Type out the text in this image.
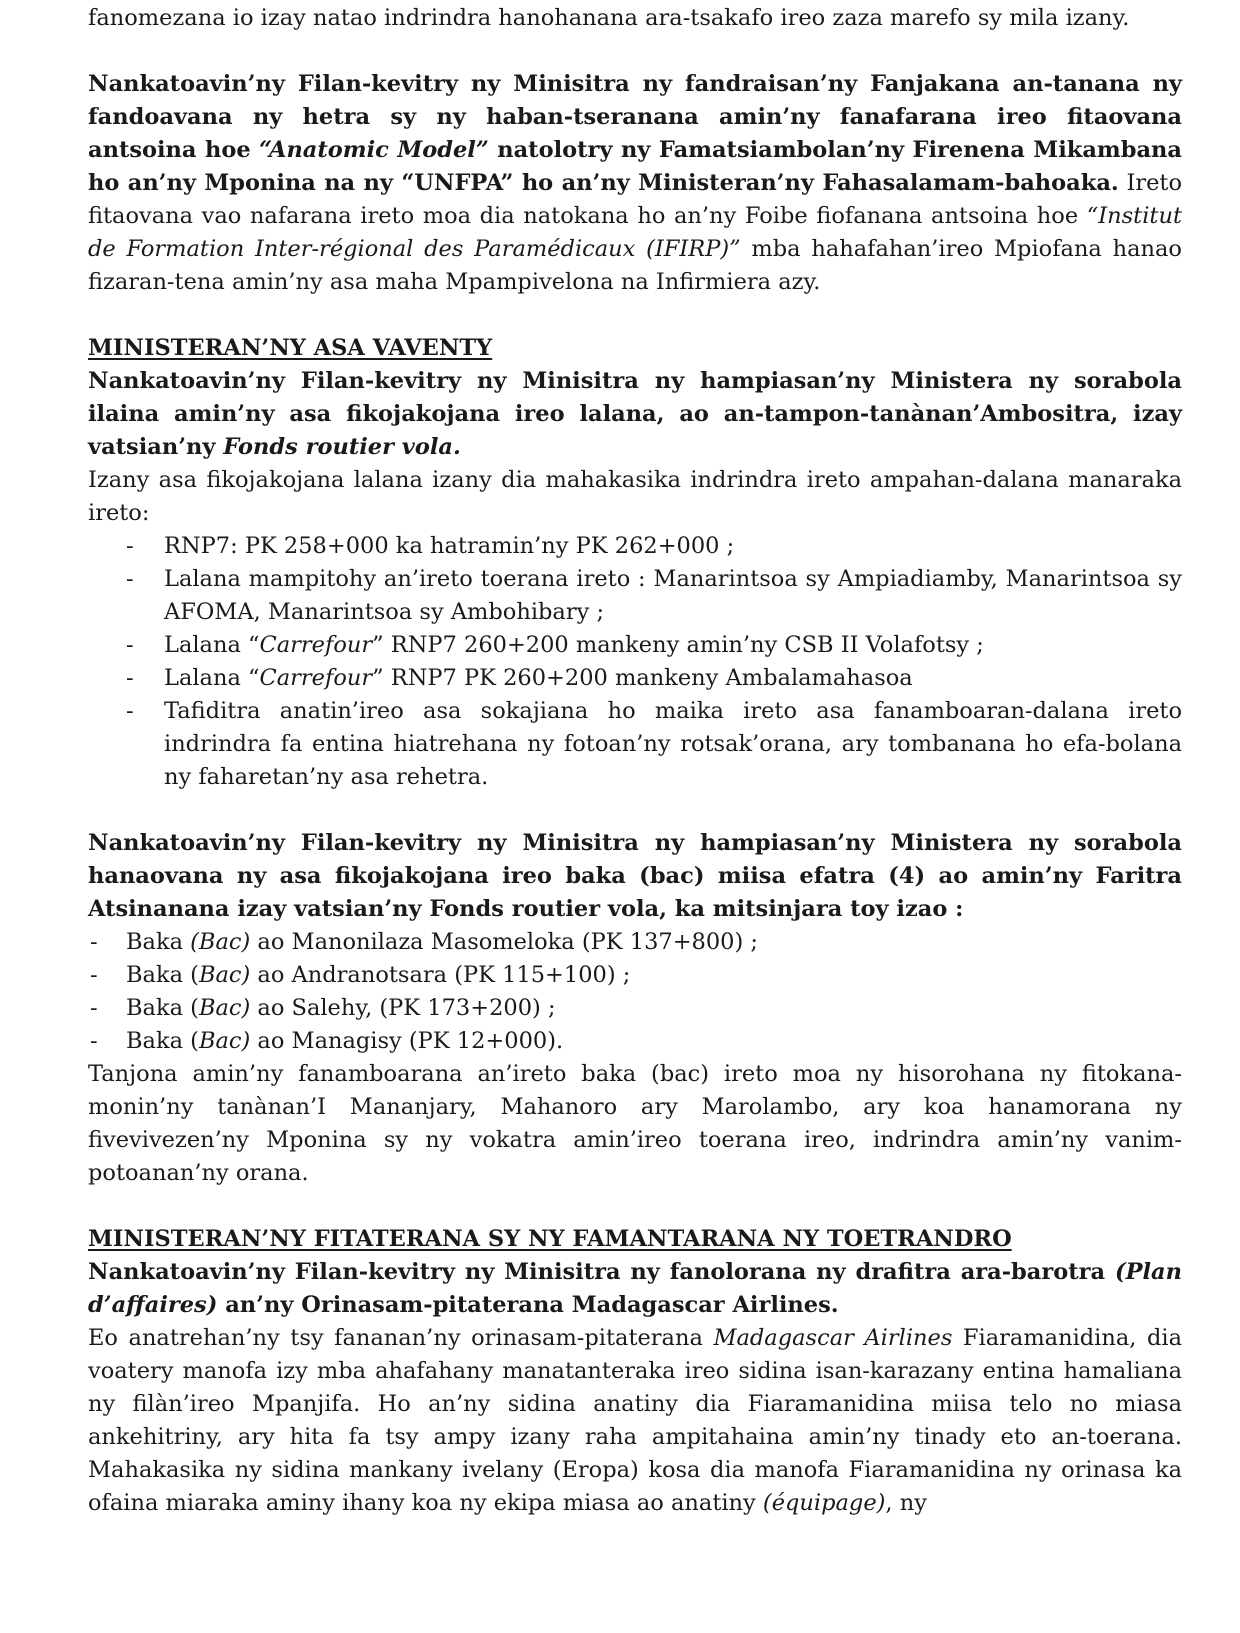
fanomezana io izay natao indrindra hanohanana ara-tsakafo ireo zaza marefo sy mila izany.

Nankatoavin’ny Filan-kevitry ny Minisitra ny fandraisan’ny Fanjakana an-tanana ny fandoavana ny hetra sy ny haban-tseranana amin’ny fanafarana ireo fitaovana antsoina hoe “Anatomic Model” natolotry ny Famatsiambolan’ny Firenena Mikambana ho an’ny Mponina na ny “UNFPA” ho an’ny Ministeran’ny Fahasalamam-bahoaka. Ireto fitaovana vao nafarana ireto moa dia natokana ho an’ny Foibe fiofanana antsoina hoe “Institut de Formation Inter-régional des Paramédicaux (IFIRP)” mba hahafahan’ireo Mpiofana hanao fizaran-tena amin’ny asa maha Mpampivelona na Infirmiera azy.

MINISTERAN’NY ASA VAVENTY

Nankatoavin’ny Filan-kevitry ny Minisitra ny hampiasan’ny Ministera ny sorabola ilaina amin’ny asa fikojakojana ireo lalana, ao an-tampon-tanànan’Ambositra, izay vatsian’ny Fonds routier vola.

Izany asa fikojakojana lalana izany dia mahakasika indrindra ireto ampahan-dalana manaraka ireto:

- RNP7: PK 258+000 ka hatramin’ny PK 262+000 ;
- Lalana mampitohy an’ireto toerana ireto : Manarintsoa sy Ampiadiamby, Manarintsoa sy AFOMA, Manarintsoa sy Ambohibary ;
- Lalana “Carrefour” RNP7 260+200 mankeny amin’ny CSB II Volafotsy ;
- Lalana “Carrefour” RNP7 PK 260+200 mankeny Ambalamahasoa
- Tafiditra anatin’ireo asa sokajiana ho maika ireto asa fanamboaran-dalana ireto indrindra fa entina hiatrehana ny fotoan’ny rotsak’orana, ary tombanana ho efa-bolana ny faharetan’ny asa rehetra.

Nankatoavin’ny Filan-kevitry ny Minisitra ny hampiasan’ny Ministera ny sorabola hanaovana ny asa fikojakojana ireo baka (bac) miisa efatra (4) ao amin’ny Faritra Atsinanana izay vatsian’ny Fonds routier vola, ka mitsinjara toy izao :

- Baka (Bac) ao Manonilaza Masomeloka (PK 137+800) ;
- Baka (Bac) ao Andranotsara (PK 115+100) ;
- Baka (Bac) ao Salehy, (PK 173+200) ;
- Baka (Bac) ao Managisy (PK 12+000).

Tanjona amin’ny fanamboarana an’ireto baka (bac) ireto moa ny hisorohana ny fitokana-monin’ny tanànan’I Mananjary, Mahanoro ary Marolambo, ary koa hanamorana ny fivevivezen’ny Mponina sy ny vokatra amin’ireo toerana ireo, indrindra amin’ny vanim-potoanan’ny orana.

MINISTERAN’NY FITATERANA SY NY FAMANTARANA NY TOETRANDRO

Nankatoavin’ny Filan-kevitry ny Minisitra ny fanolorana ny drafitra ara-barotra (Plan d’affaires) an’ny Orinasam-pitaterana Madagascar Airlines.

Eo anatrehan’ny tsy fananan’ny orinasam-pitaterana Madagascar Airlines Fiaramanidina, dia voatery manofa izy mba ahafahany manatanteraka ireo sidina isan-karazany entina hamaliana ny filàn’ireo Mpanjifa. Ho an’ny sidina anatiny dia Fiaramanidina miisa telo no miasa ankehitriny, ary hita fa tsy ampy izany raha ampitahaina amin’ny tinady eto an-toerana. Mahakasika ny sidina mankany ivelany (Eropa) kosa dia manofa Fiaramanidina ny orinasa ka ofaina miaraka aminy ihany koa ny ekipa miasa ao anatiny (équipage), ny
